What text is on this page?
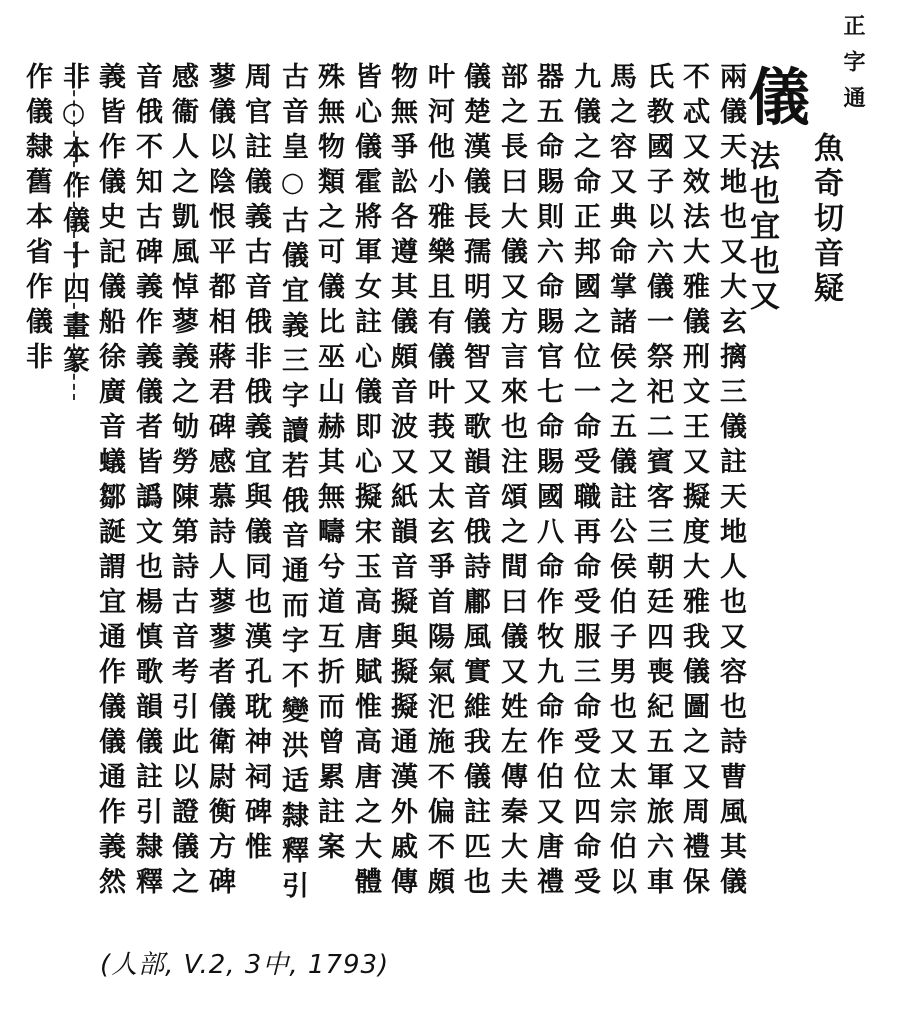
正字通
儀
魚奇切音疑
法也宜也又
兩儀天地也又大玄摛三儀註天地人也又容也詩曹風其儀
不忒又效法大雅儀刑文王又擬度大雅我儀圖之又周禮保
氏教國子以六儀一祭祀二賓客三朝廷四喪紀五軍旅六車
馬之容又典命掌諸侯之五儀註公侯伯子男也又太宗伯以
九儀之命正邦國之位一命受職再命受服三命受位四命受
器五命賜則六命賜官七命賜國八命作牧九命作伯又唐禮
部之長曰大儀又方言來也注頌之間曰儀又姓左傳秦大夫
儀楚漢儀長孺明儀智又歌韻音俄詩鄘風實維我儀註匹也
叶河他小雅樂且有儀叶莪又太玄爭首陽氣汜施不偏不頗
物無爭訟各遵其儀頗音波又紙韻音擬與擬擬通漢外戚傳
皆心儀霍將軍女註心儀即心擬宋玉高唐賦惟高唐之大體
殊無物類之可儀比巫山赫其無疇兮道互折而曾累註案
古音皇○古儀宜義三字讀若俄音通而字不變洪适隸釋引
周官註儀義古音俄非俄義宜與儀同也漢孔耽神祠碑惟
蓼儀以陰恨平都相蔣君碑感慕詩人蓼蓼者儀衛尉衡方碑
感衞人之凱風悼蓼義之劬勞陳第詩古音考引此以證儀之
音俄不知古碑義作義儀者皆譌文也楊慎歌韻儀註引隸釋
(人部, V.2, 3中, 1793)
義皆作儀史記儀船徐廣音蟻鄒誕謂宜通作儀儀通作義然
非○本作儀十四畫篆
作儀隸舊本省作儀非
